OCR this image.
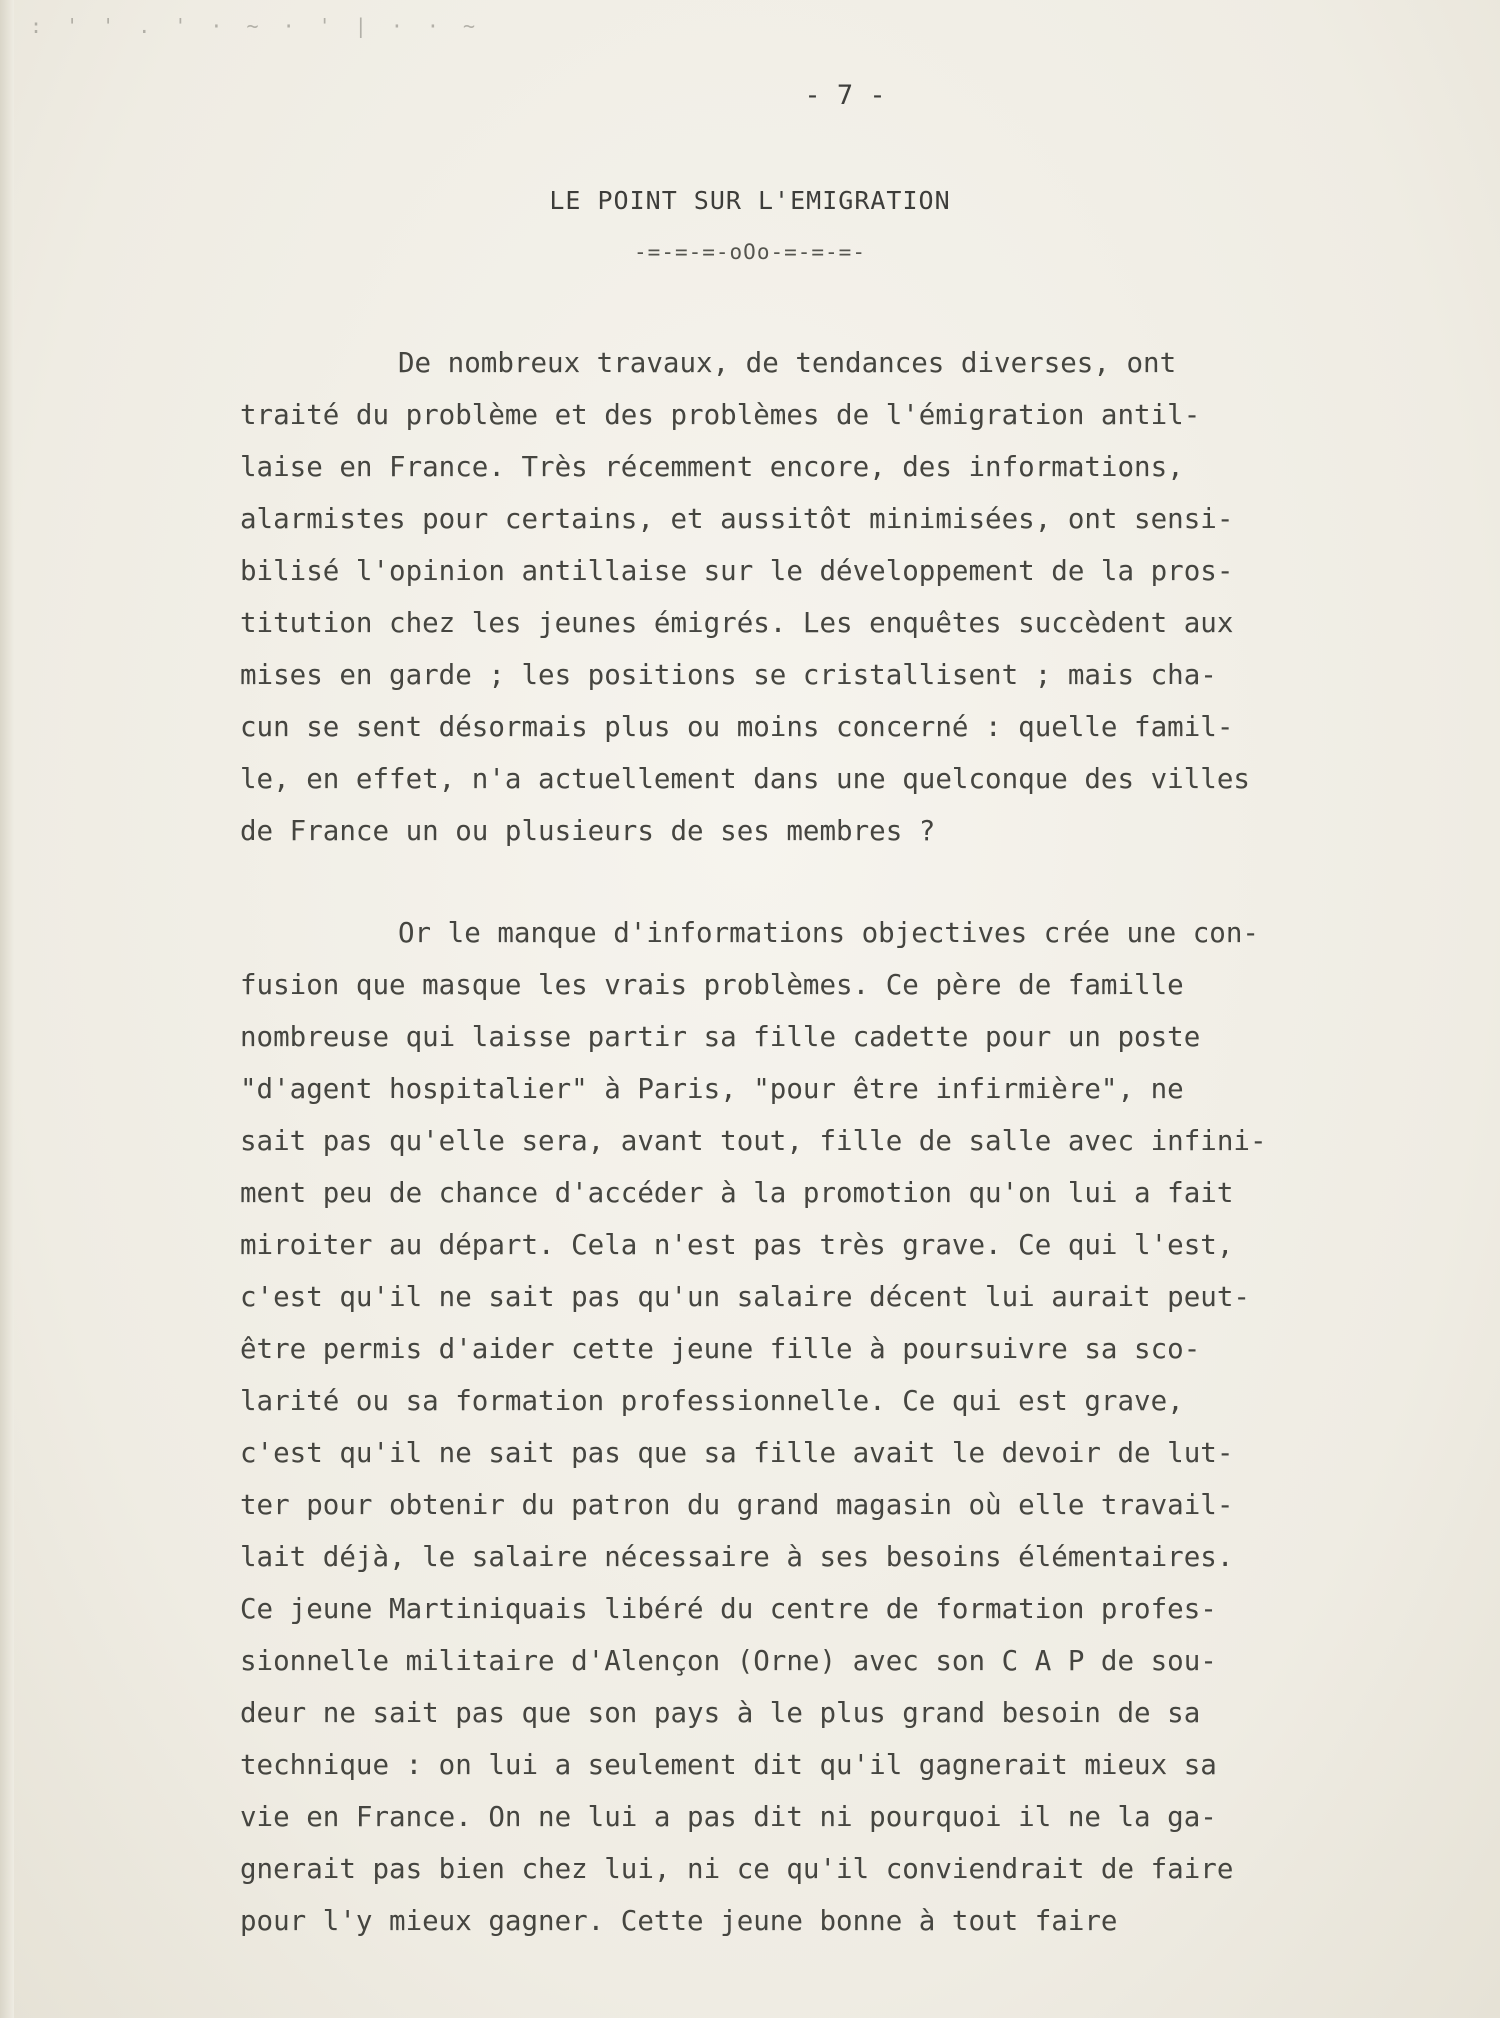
: ' ' . ' · ~ · ' | · · ~
- 7 -
LE POINT SUR L'EMIGRATION
-=-=-=-oOo-=-=-=-
De nombreux travaux, de tendances diverses, ont
traité du problème et des problèmes de l'émigration antil-
laise en France. Très récemment encore, des informations,
alarmistes pour certains, et aussitôt minimisées, ont sensi-
bilisé l'opinion antillaise sur le développement de la pros-
titution chez les jeunes émigrés. Les enquêtes succèdent aux
mises en garde ; les positions se cristallisent ; mais cha-
cun se sent désormais plus ou moins concerné : quelle famil-
le, en effet, n'a actuellement dans une quelconque des villes
de France un ou plusieurs de ses membres ?
Or le manque d'informations objectives crée une con-
fusion que masque les vrais problèmes. Ce père de famille
nombreuse qui laisse partir sa fille cadette pour un poste
"d'agent hospitalier" à Paris, "pour être infirmière", ne
sait pas qu'elle sera, avant tout, fille de salle avec infini-
ment peu de chance d'accéder à la promotion qu'on lui a fait
miroiter au départ. Cela n'est pas très grave. Ce qui l'est,
c'est qu'il ne sait pas qu'un salaire décent lui aurait peut-
être permis d'aider cette jeune fille à poursuivre sa sco-
larité ou sa formation professionnelle. Ce qui est grave,
c'est qu'il ne sait pas que sa fille avait le devoir de lut-
ter pour obtenir du patron du grand magasin où elle travail-
lait déjà, le salaire nécessaire à ses besoins élémentaires.
Ce jeune Martiniquais libéré du centre de formation profes-
sionnelle militaire d'Alençon (Orne) avec son C A P de sou-
deur ne sait pas que son pays à le plus grand besoin de sa
technique : on lui a seulement dit qu'il gagnerait mieux sa
vie en France. On ne lui a pas dit ni pourquoi il ne la ga-
gnerait pas bien chez lui, ni ce qu'il conviendrait de faire
pour l'y mieux gagner. Cette jeune bonne à tout faire
